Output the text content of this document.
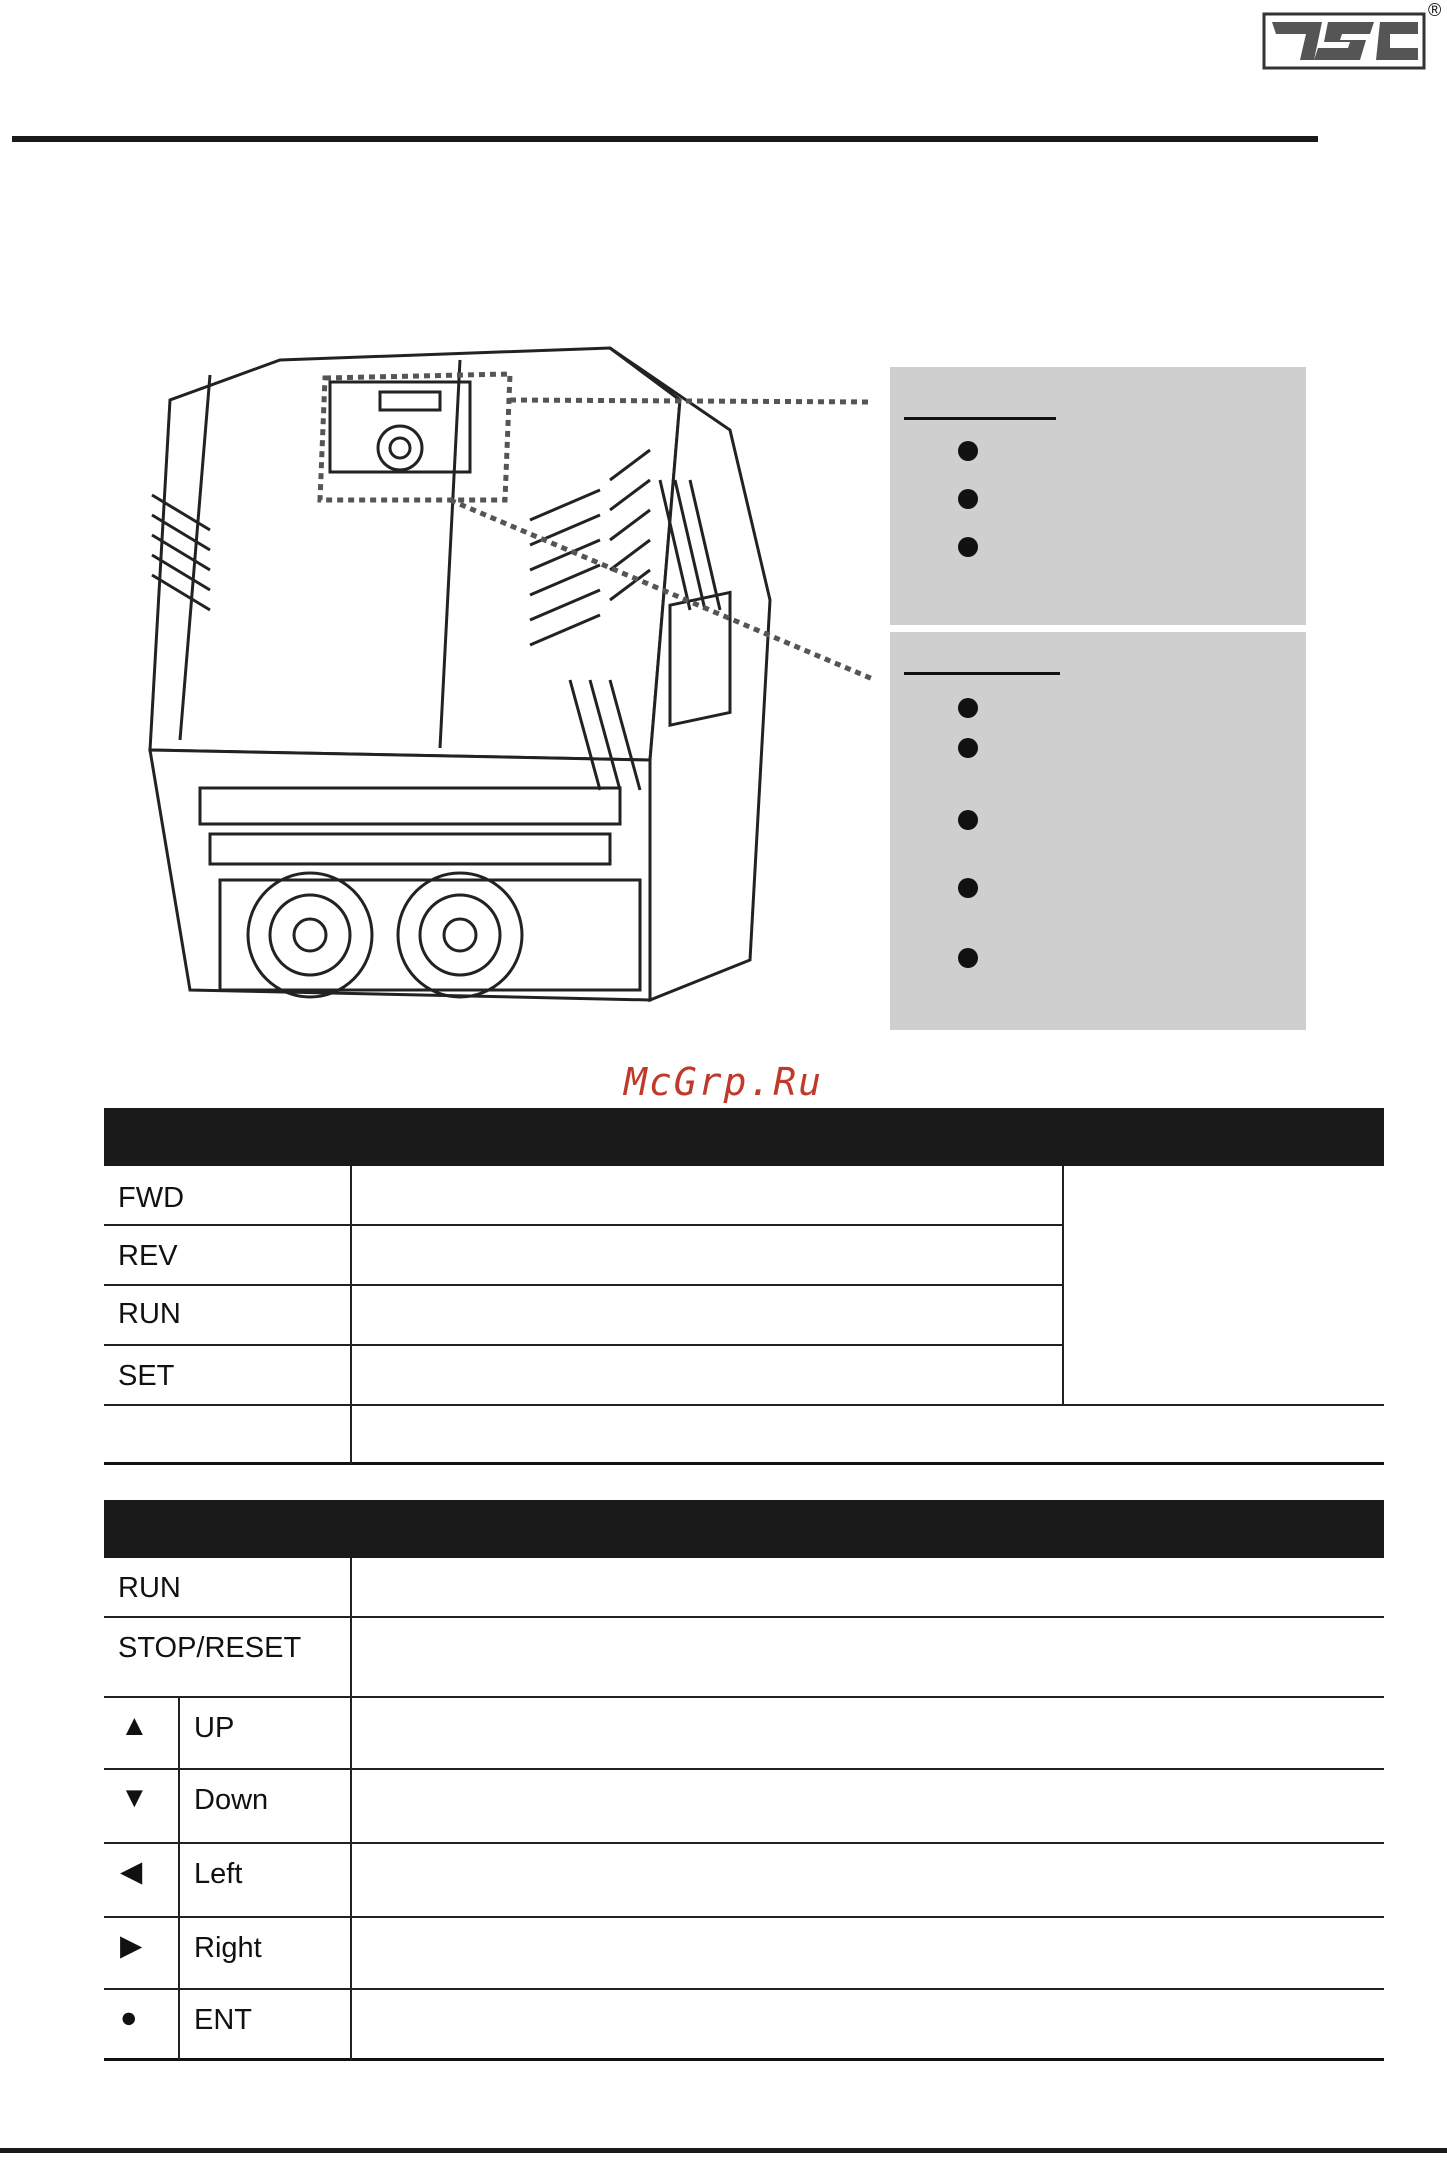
®
McGrp.Ru
FWD
REV
RUN
SET
RUN
STOP/RESET
▲ UP
▼ Down
◀ Left
▶ Right
● ENT
